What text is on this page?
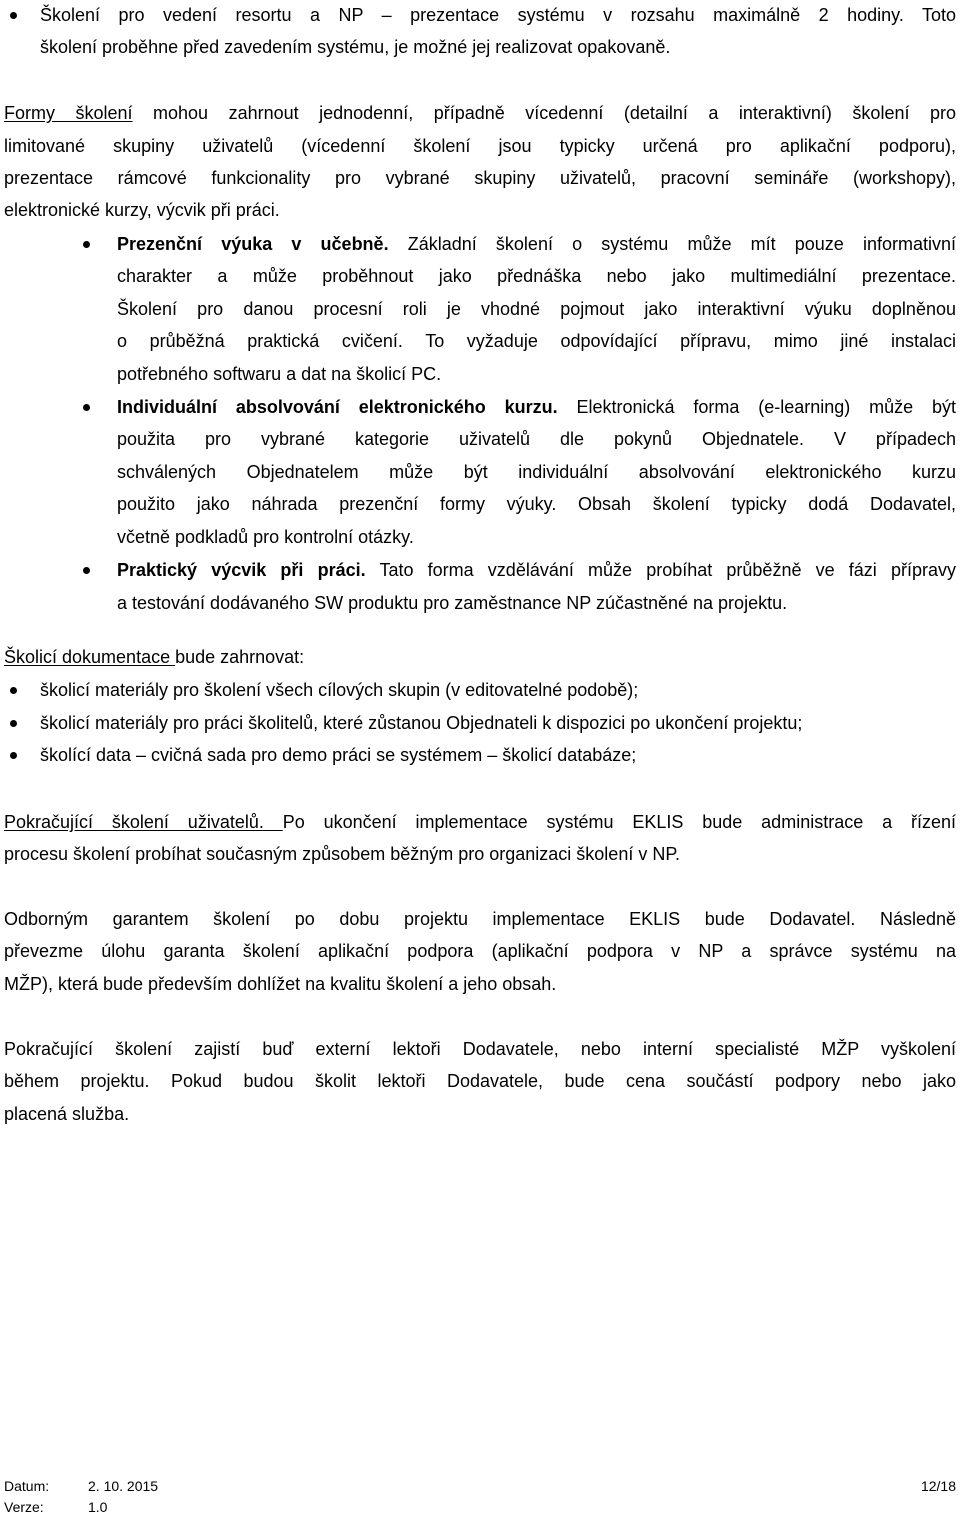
Školení pro vedení resortu a NP – prezentace systému v rozsahu maximálně 2 hodiny. Toto
školení proběhne před zavedením systému, je možné jej realizovat opakovaně.
Formy školení mohou zahrnout jednodenní, případně vícedenní (detailní a interaktivní) školení pro
limitované skupiny uživatelů (vícedenní školení jsou typicky určená pro aplikační podporu),
prezentace rámcové funkcionality pro vybrané skupiny uživatelů, pracovní semináře (workshopy),
elektronické kurzy, výcvik při práci.
Prezenční výuka v učebně. Základní školení o systému může mít pouze informativní
charakter a může proběhnout jako přednáška nebo jako multimediální prezentace.
Školení pro danou procesní roli je vhodné pojmout jako interaktivní výuku doplněnou
o průběžná praktická cvičení. To vyžaduje odpovídající přípravu, mimo jiné instalaci
potřebného softwaru a dat na školicí PC.
Individuální absolvování elektronického kurzu. Elektronická forma (e-learning) může být
použita pro vybrané kategorie uživatelů dle pokynů Objednatele. V případech
schválených Objednatelem může být individuální absolvování elektronického kurzu
použito jako náhrada prezenční formy výuky. Obsah školení typicky dodá Dodavatel,
včetně podkladů pro kontrolní otázky.
Praktický výcvik při práci. Tato forma vzdělávání může probíhat průběžně ve fázi přípravy
a testování dodávaného SW produktu pro zaměstnance NP zúčastněné na projektu.
Školicí dokumentace bude zahrnovat:
školicí materiály pro školení všech cílových skupin (v editovatelné podobě);
školicí materiály pro práci školitelů, které zůstanou Objednateli k dispozici po ukončení projektu;
školící data – cvičná sada pro demo práci se systémem – školicí databáze;
Pokračující školení uživatelů. Po ukončení implementace systému EKLIS bude administrace a řízení
procesu školení probíhat současným způsobem běžným pro organizaci školení v NP.
Odborným garantem školení po dobu projektu implementace EKLIS bude Dodavatel. Následně
převezme úlohu garanta školení aplikační podpora (aplikační podpora v NP a správce systému na
MŽP), která bude především dohlížet na kvalitu školení a jeho obsah.
Pokračující školení zajistí buď externí lektoři Dodavatele, nebo interní specialisté MŽP vyškolení
během projektu. Pokud budou školit lektoři Dodavatele, bude cena součástí podpory nebo jako
placená služba.
Datum:	2. 10. 2015	12/18
Verze:	1.0
